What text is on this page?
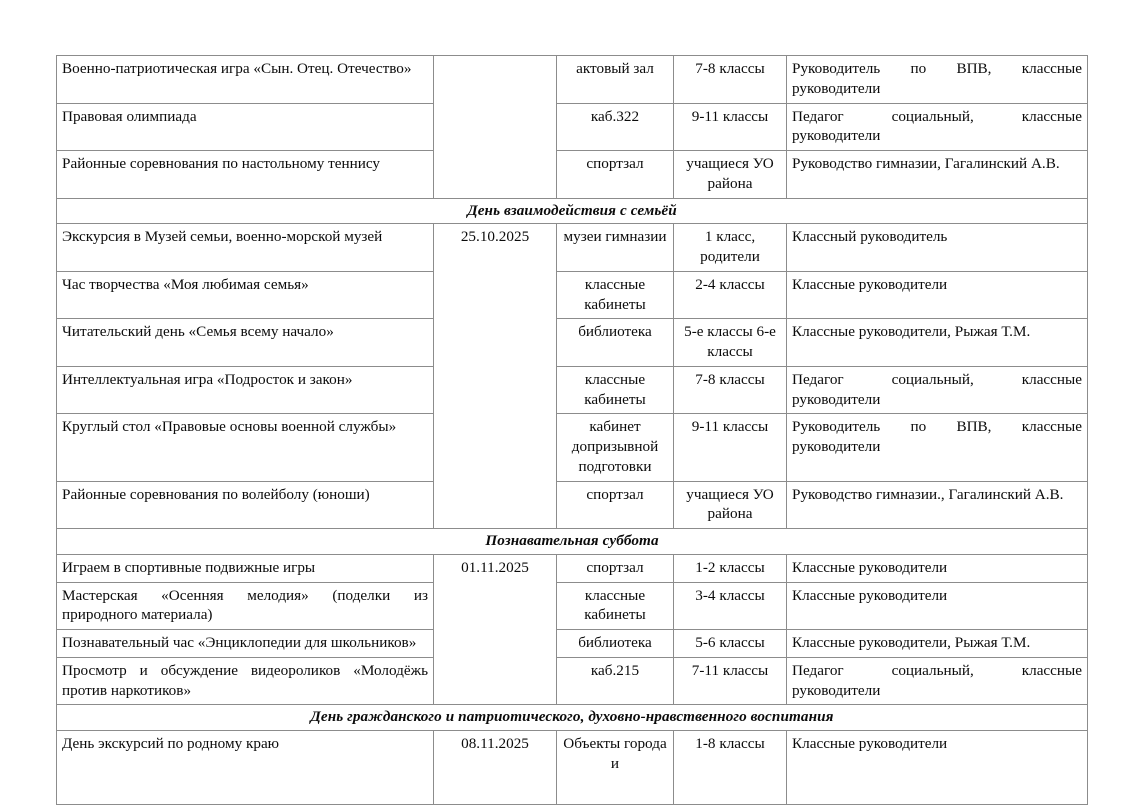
Военно-патриотическая игра «Сын. Отец. Отечество»		актовый зал	7-8 классы	Руководитель по ВПВ, классные руководители
Правовая олимпиада		каб.322	9-11 классы	Педагог социальный, классные руководители
Районные соревнования по настольному теннису		спортзал	учащиеся УО района	Руководство гимназии, Гагалинский А.В.
День взаимодействия с семьёй				
Экскурсия в Музей семьи, военно-морской музей	25.10.2025	музеи гимназии	1 класс, родители	Классный руководитель
Час творчества «Моя любимая семья»		классные кабинеты	2-4 классы	Классные руководители
Читательский день «Семья всему начало»		библиотека	5-е классы 6-е классы	Классные руководители, Рыжая Т.М.
Интеллектуальная игра «Подросток и закон»		классные кабинеты	7-8 классы	Педагог социальный, классные руководители
Круглый стол «Правовые основы военной службы»		кабинет допризывной подготовки	9-11 классы	Руководитель по ВПВ, классные руководители
Районные соревнования по волейболу (юноши)		спортзал	учащиеся УО района	Руководство гимназии., Гагалинский А.В.
Познавательная суббота				
Играем в спортивные подвижные игры	01.11.2025	спортзал	1-2 классы	Классные руководители
Мастерская «Осенняя мелодия» (поделки из природного материала)		классные кабинеты	3-4 классы	Классные руководители
Познавательный час «Энциклопедии для школьников»		библиотека	5-6 классы	Классные руководители, Рыжая Т.М.
Просмотр и обсуждение видеороликов «Молодёжь против наркотиков»		каб.215	7-11 классы	Педагог социальный, классные руководители
День гражданского и патриотического, духовно-нравственного воспитания				
День экскурсий по родному краю	08.11.2025	Объекты города и	1-8 классы	Классные руководители
